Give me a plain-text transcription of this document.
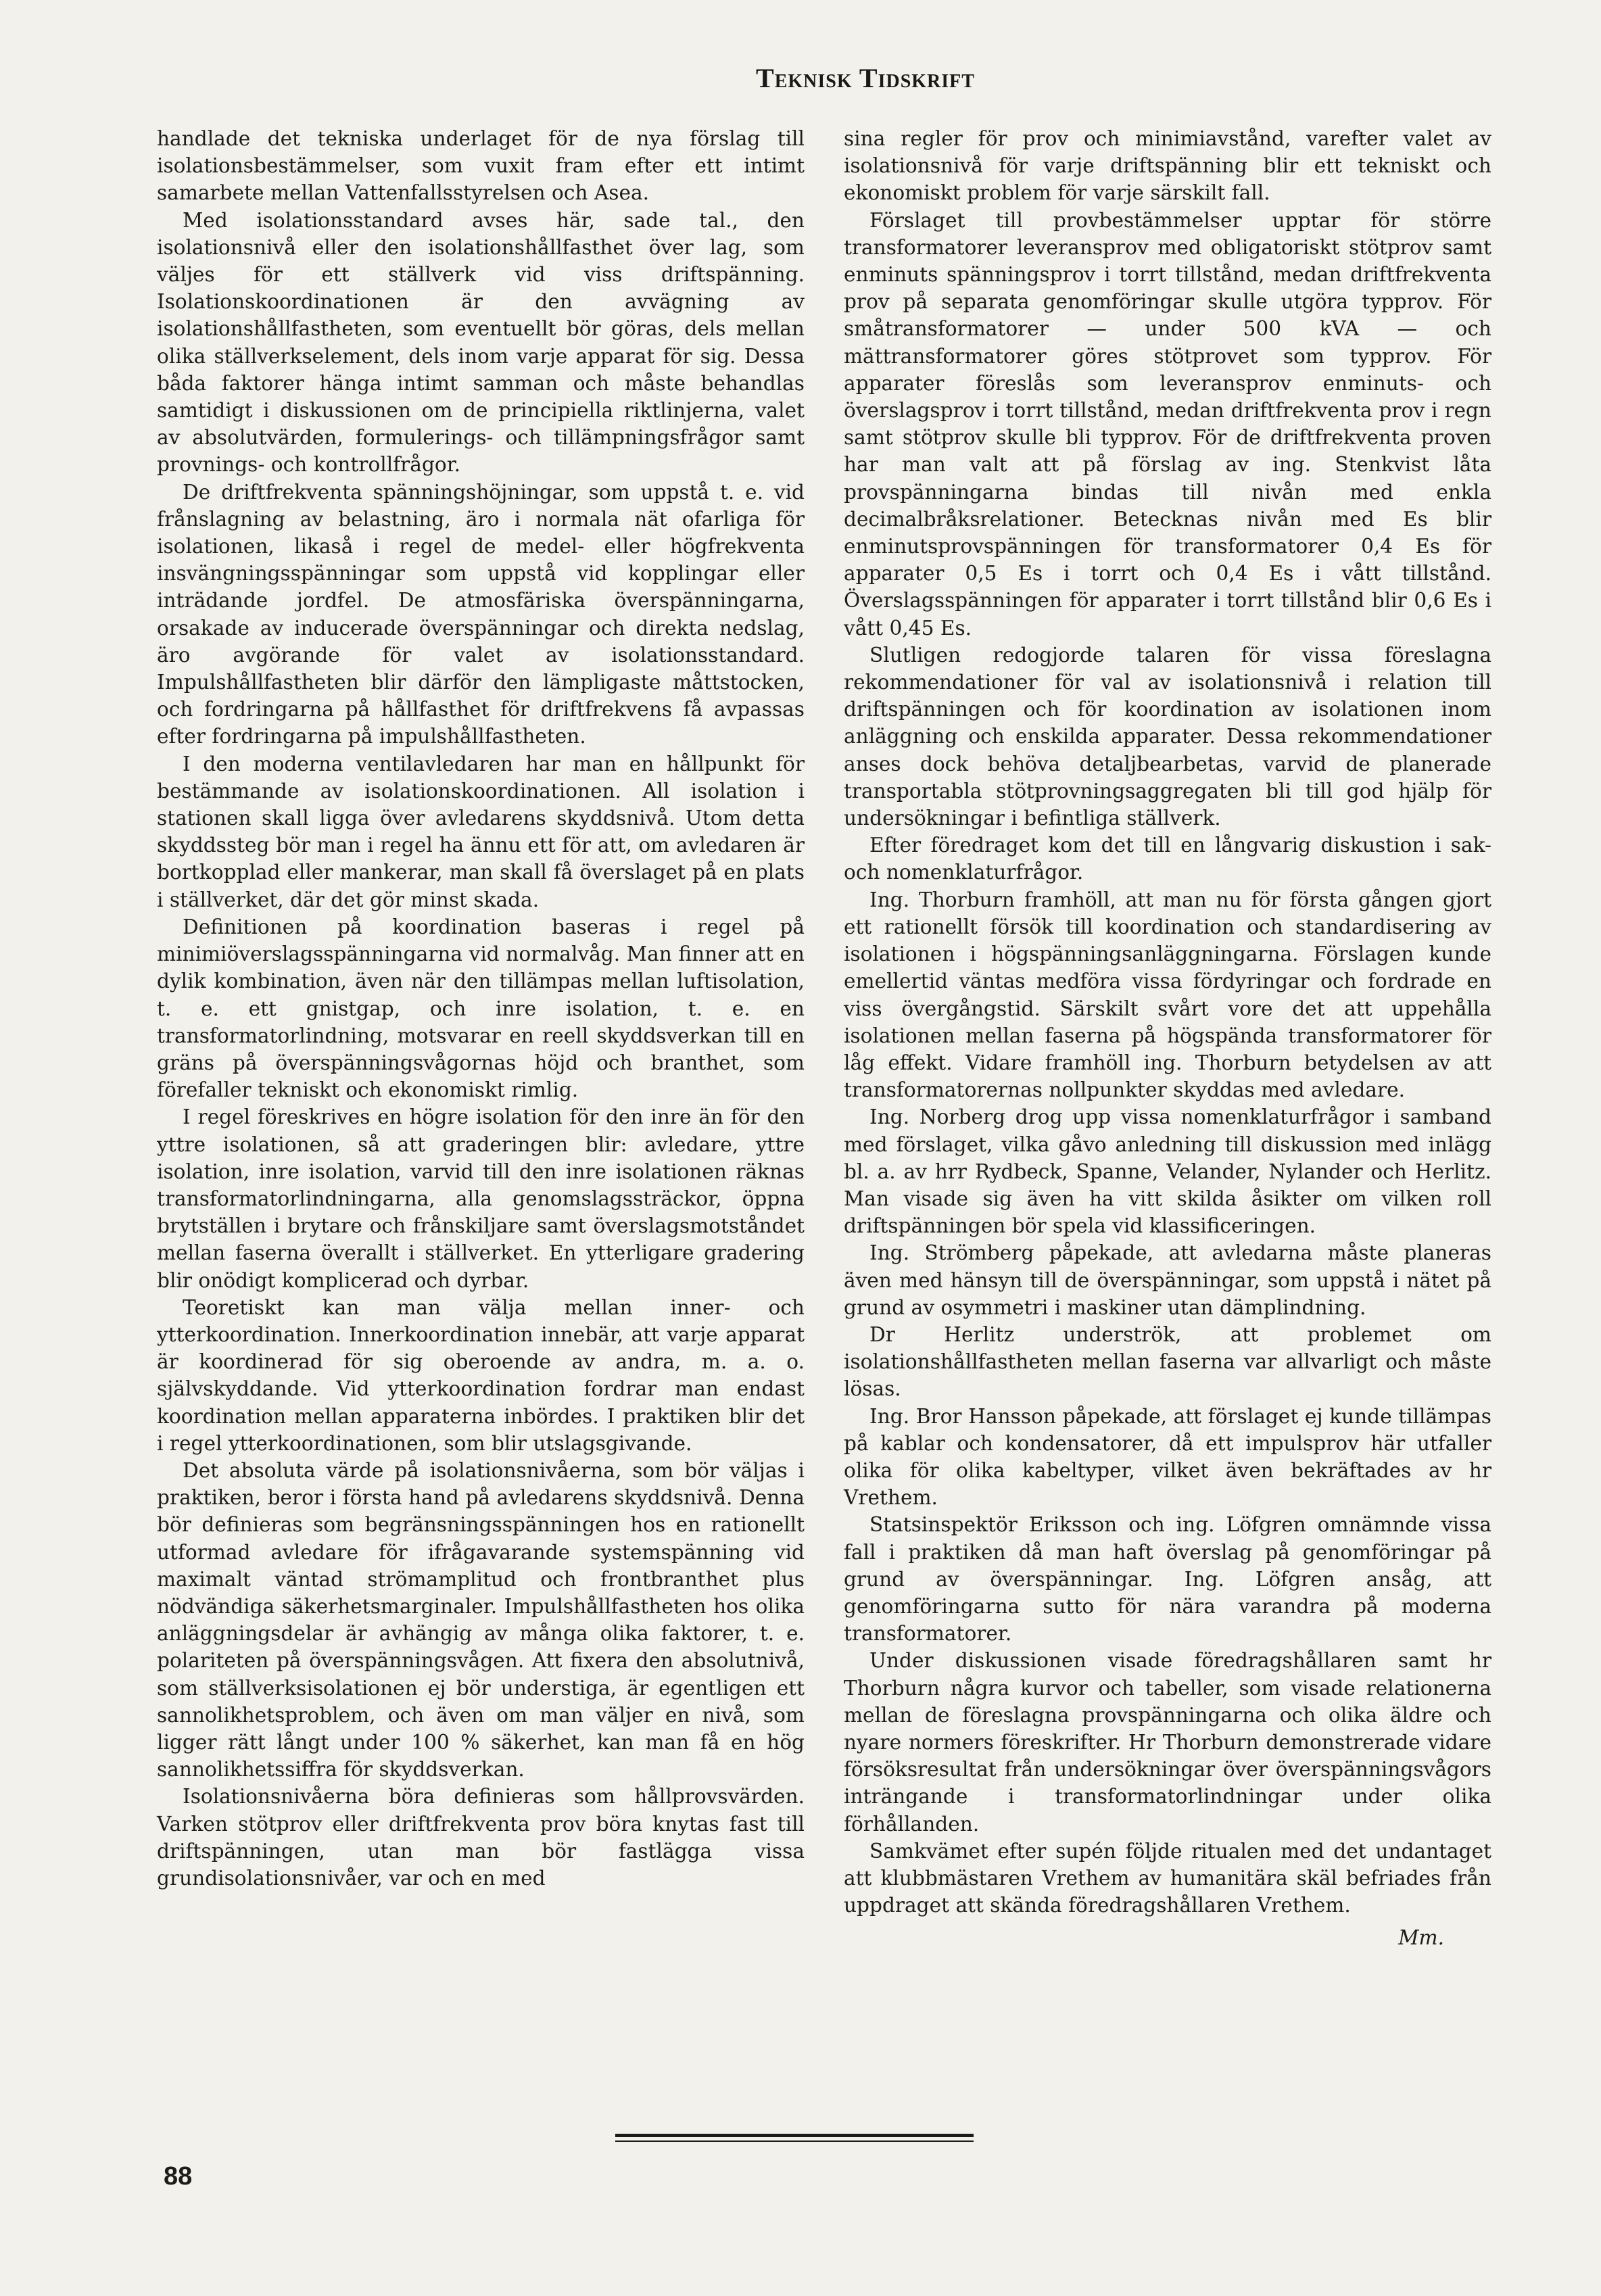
Teknisk Tidskrift

handlade det tekniska underlaget för de nya förslag till isolationsbestämmelser, som vuxit fram efter ett intimt samarbete mellan Vattenfallsstyrelsen och Asea.

Med isolationsstandard avses här, sade tal., den isolationsnivå eller den isolationshållfasthet över lag, som väljes för ett ställverk vid viss driftspänning. Isolationskoordinationen är den avvägning av isolationshållfastheten, som eventuellt bör göras, dels mellan olika ställverkselement, dels inom varje apparat för sig. Dessa båda faktorer hänga intimt samman och måste behandlas samtidigt i diskussionen om de principiella riktlinjerna, valet av absolutvärden, formulerings- och tillämpningsfrågor samt provnings- och kontrollfrågor.

De driftfrekventa spänningshöjningar, som uppstå t. e. vid frånslagning av belastning, äro i normala nät ofarliga för isolationen, likaså i regel de medel- eller högfrekventa insvängningsspänningar som uppstå vid kopplingar eller inträdande jordfel. De atmosfäriska överspänningarna, orsakade av inducerade överspänningar och direkta nedslag, äro avgörande för valet av isolationsstandard. Impulshållfastheten blir därför den lämpligaste måttstocken, och fordringarna på hållfasthet för driftfrekvens få avpassas efter fordringarna på impulshållfastheten.

I den moderna ventilavledaren har man en hållpunkt för bestämmande av isolationskoordinationen. All isolation i stationen skall ligga över avledarens skyddsnivå. Utom detta skyddssteg bör man i regel ha ännu ett för att, om avledaren är bortkopplad eller mankerar, man skall få överslaget på en plats i ställverket, där det gör minst skada.

Definitionen på koordination baseras i regel på minimiöverslagsspänningarna vid normalvåg. Man finner att en dylik kombination, även när den tillämpas mellan luftisolation, t. e. ett gnistgap, och inre isolation, t. e. en transformatorlindning, motsvarar en reell skyddsverkan till en gräns på överspänningsvågornas höjd och branthet, som förefaller tekniskt och ekonomiskt rimlig.

I regel föreskrives en högre isolation för den inre än för den yttre isolationen, så att graderingen blir: avledare, yttre isolation, inre isolation, varvid till den inre isolationen räknas transformatorlindningarna, alla genomslagssträckor, öppna brytställen i brytare och frånskiljare samt överslagsmotståndet mellan faserna överallt i ställverket. En ytterligare gradering blir onödigt komplicerad och dyrbar.

Teoretiskt kan man välja mellan inner- och ytterkoordination. Innerkoordination innebär, att varje apparat är koordinerad för sig oberoende av andra, m. a. o. självskyddande. Vid ytterkoordination fordrar man endast koordination mellan apparaterna inbördes. I praktiken blir det i regel ytterkoordinationen, som blir utslagsgivande.

Det absoluta värde på isolationsnivåerna, som bör väljas i praktiken, beror i första hand på avledarens skyddsnivå. Denna bör definieras som begränsningsspänningen hos en rationellt utformad avledare för ifrågavarande systemspänning vid maximalt väntad strömamplitud och frontbranthet plus nödvändiga säkerhetsmarginaler. Impulshållfastheten hos olika anläggningsdelar är avhängig av många olika faktorer, t. e. polariteten på överspänningsvågen. Att fixera den absolutnivå, som ställverksisolationen ej bör understiga, är egentligen ett sannolikhetsproblem, och även om man väljer en nivå, som ligger rätt långt under 100 % säkerhet, kan man få en hög sannolikhetssiffra för skyddsverkan.

Isolationsnivåerna böra definieras som hållprovsvärden. Varken stötprov eller driftfrekventa prov böra knytas fast till driftspänningen, utan man bör fastlägga vissa grundisolationsnivåer, var och en med

sina regler för prov och minimiavstånd, varefter valet av isolationsnivå för varje driftspänning blir ett tekniskt och ekonomiskt problem för varje särskilt fall.

Förslaget till provbestämmelser upptar för större transformatorer leveransprov med obligatoriskt stötprov samt enminuts spänningsprov i torrt tillstånd, medan driftfrekventa prov på separata genomföringar skulle utgöra typprov. För småtransformatorer — under 500 kVA — och mättransformatorer göres stötprovet som typprov. För apparater föreslås som leveransprov enminuts- och överslagsprov i torrt tillstånd, medan driftfrekventa prov i regn samt stötprov skulle bli typprov. För de driftfrekventa proven har man valt att på förslag av ing. Stenkvist låta provspänningarna bindas till nivån med enkla decimalbråksrelationer. Betecknas nivån med Es blir enminutsprovspänningen för transformatorer 0,4 Es för apparater 0,5 Es i torrt och 0,4 Es i vått tillstånd. Överslagsspänningen för apparater i torrt tillstånd blir 0,6 Es i vått 0,45 Es.

Slutligen redogjorde talaren för vissa föreslagna rekommendationer för val av isolationsnivå i relation till driftspänningen och för koordination av isolationen inom anläggning och enskilda apparater. Dessa rekommendationer anses dock behöva detaljbearbetas, varvid de planerade transportabla stötprovningsaggregaten bli till god hjälp för undersökningar i befintliga ställverk.

Efter föredraget kom det till en långvarig diskustion i sak- och nomenklaturfrågor.

Ing. Thorburn framhöll, att man nu för första gången gjort ett rationellt försök till koordination och standardisering av isolationen i högspänningsanläggningarna. Förslagen kunde emellertid väntas medföra vissa fördyringar och fordrade en viss övergångstid. Särskilt svårt vore det att uppehålla isolationen mellan faserna på högspända transformatorer för låg effekt. Vidare framhöll ing. Thorburn betydelsen av att transformatorernas nollpunkter skyddas med avledare.

Ing. Norberg drog upp vissa nomenklaturfrågor i samband med förslaget, vilka gåvo anledning till diskussion med inlägg bl. a. av hrr Rydbeck, Spanne, Velander, Nylander och Herlitz. Man visade sig även ha vitt skilda åsikter om vilken roll driftspänningen bör spela vid klassificeringen.

Ing. Strömberg påpekade, att avledarna måste planeras även med hänsyn till de överspänningar, som uppstå i nätet på grund av osymmetri i maskiner utan dämplindning.

Dr Herlitz underströk, att problemet om isolationshållfastheten mellan faserna var allvarligt och måste lösas.

Ing. Bror Hansson påpekade, att förslaget ej kunde tillämpas på kablar och kondensatorer, då ett impulsprov här utfaller olika för olika kabeltyper, vilket även bekräftades av hr Vrethem.

Statsinspektör Eriksson och ing. Löfgren omnämnde vissa fall i praktiken då man haft överslag på genomföringar på grund av överspänningar. Ing. Löfgren ansåg, att genomföringarna sutto för nära varandra på moderna transformatorer.

Under diskussionen visade föredragshållaren samt hr Thorburn några kurvor och tabeller, som visade relationerna mellan de föreslagna provspänningarna och olika äldre och nyare normers föreskrifter. Hr Thorburn demonstrerade vidare försöksresultat från undersökningar över överspänningsvågors inträngande i transformatorlindningar under olika förhållanden.

Samkvämet efter supén följde ritualen med det undantaget att klubbmästaren Vrethem av humanitära skäl befriades från uppdraget att skända föredragshållaren Vrethem.

Mm.
88
